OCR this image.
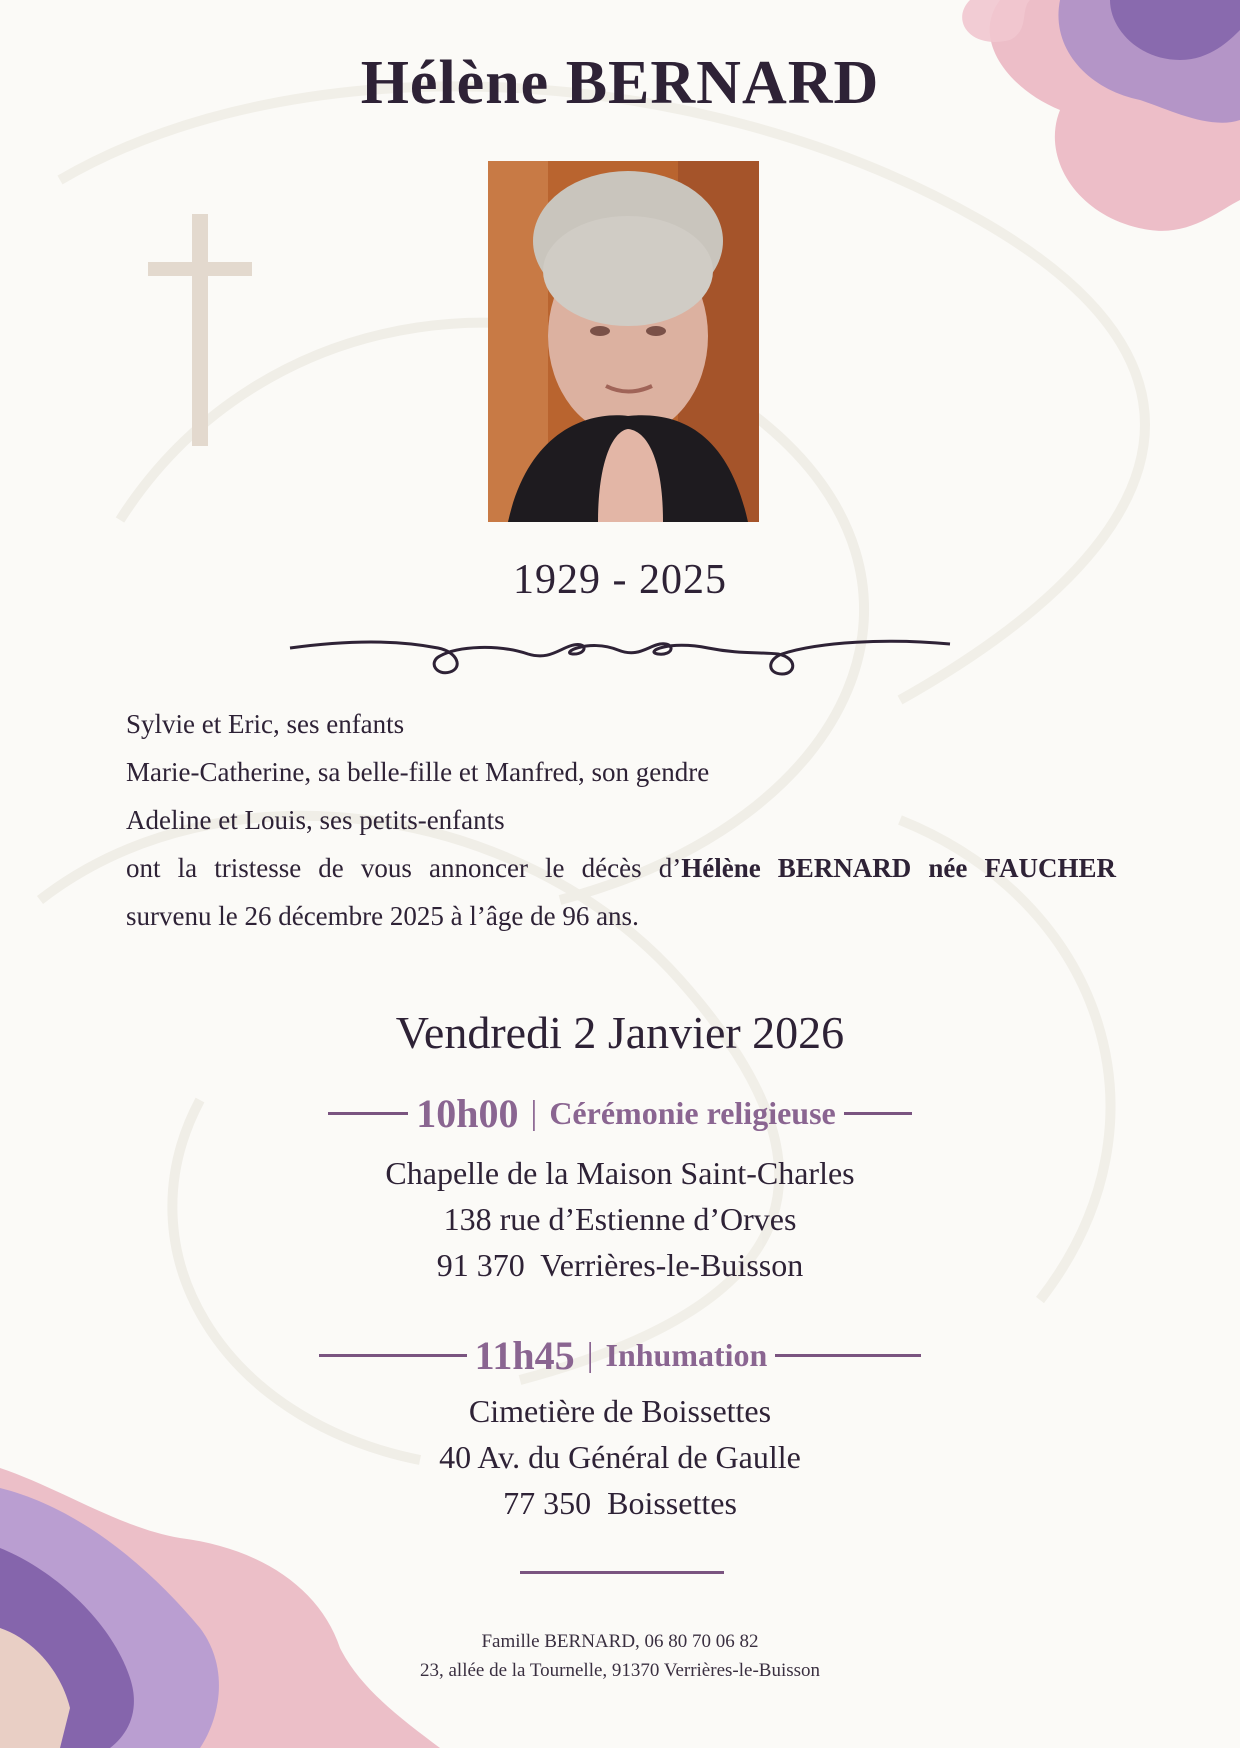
Hélène BERNARD
1929 - 2025
Sylvie et Eric, ses enfants
Marie-Catherine, sa belle-fille et Manfred, son gendre
Adeline et Louis, ses petits-enfants
ont la tristesse de vous annoncer le décès d’Hélène BERNARD née FAUCHER
survenu le 26 décembre 2025 à l’âge de 96 ans.
Vendredi 2 Janvier 2026
10h00 | Cérémonie religieuse
Chapelle de la Maison Saint-Charles
138 rue d’Estienne d’Orves
91 370  Verrières-le-Buisson
11h45 | Inhumation
Cimetière de Boissettes
40 Av. du Général de Gaulle
77 350  Boissettes
Famille BERNARD, 06 80 70 06 82
23, allée de la Tournelle, 91370 Verrières-le-Buisson
